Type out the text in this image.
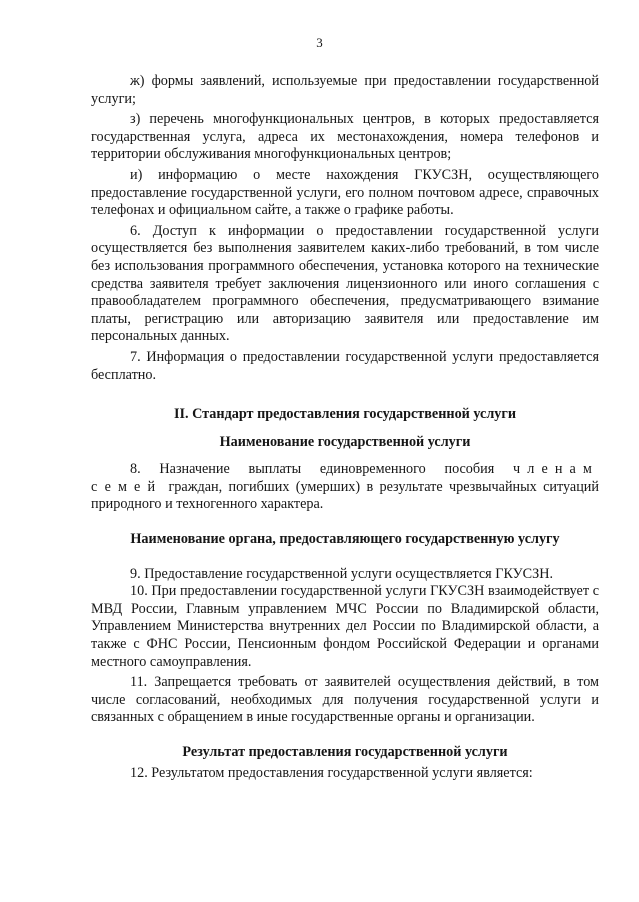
3

ж) формы заявлений, используемые при предоставлении государственной услуги;

з) перечень многофункциональных центров, в которых предоставляется государственная услуга, адреса их местонахождения, номера телефонов и территории обслуживания многофункциональных центров;

и) информацию о месте нахождения ГКУСЗН, осуществляющего предоставление государственной услуги, его полном почтовом адресе, справочных телефонах и официальном сайте, а также о графике работы.

6. Доступ к информации о предоставлении государственной услуги осуществляется без выполнения заявителем каких-либо требований, в том числе без использования программного обеспечения, установка которого на технические средства заявителя требует заключения лицензионного или иного соглашения с правообладателем программного обеспечения, предусматривающего взимание платы, регистрацию или авторизацию заявителя или предоставление им персональных данных.

7. Информация о предоставлении государственной услуги предоставляется бесплатно.

II. Стандарт предоставления государственной услуги
Наименование государственной услуги

8. Назначение выплаты единовременного пособия членам семей граждан, погибших (умерших) в результате чрезвычайных ситуаций природного и техногенного характера.

Наименование органа, предоставляющего государственную услугу

9. Предоставление государственной услуги осуществляется ГКУСЗН.

10. При предоставлении государственной услуги ГКУСЗН взаимодействует с МВД России, Главным управлением МЧС России по Владимирской области, Управлением Министерства внутренних дел России по Владимирской области, а также с ФНС России, Пенсионным фондом Российской Федерации и органами местного самоуправления.

11. Запрещается требовать от заявителей осуществления действий, в том числе согласований, необходимых для получения государственной услуги и связанных с обращением в иные государственные органы и организации.

Результат предоставления государственной услуги

12. Результатом предоставления государственной услуги является:
